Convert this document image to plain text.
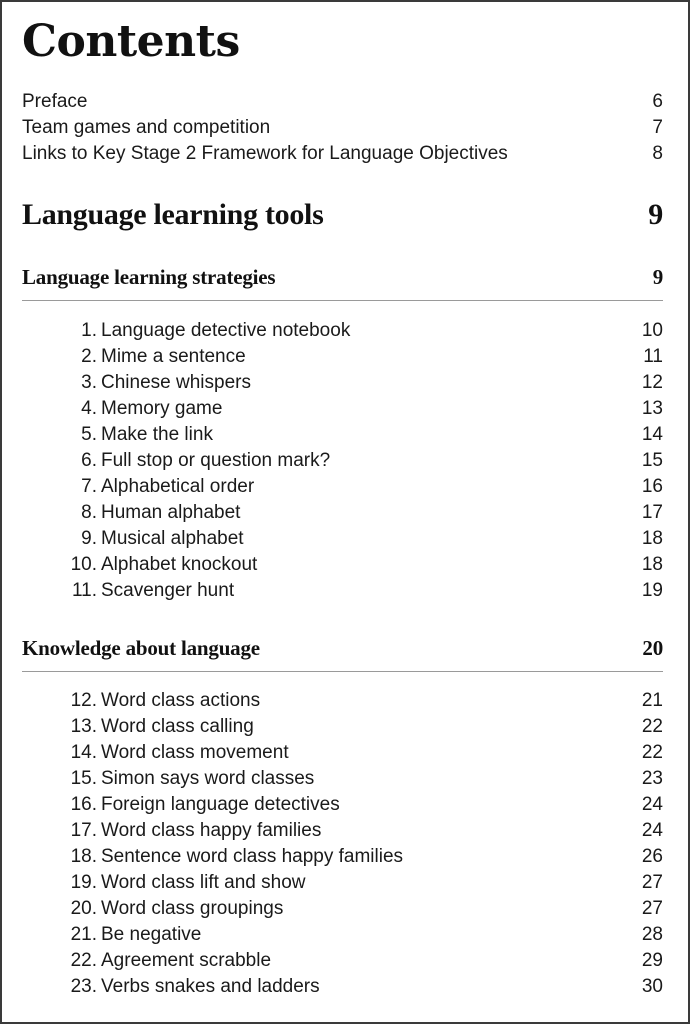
Contents
Preface	6
Team games and competition	7
Links to Key Stage 2 Framework for Language Objectives	8
Language learning tools	9
Language learning strategies	9
1. Language detective notebook	10
2. Mime a sentence	11
3. Chinese whispers	12
4. Memory game	13
5. Make the link	14
6. Full stop or question mark?	15
7. Alphabetical order	16
8. Human alphabet	17
9. Musical alphabet	18
10. Alphabet knockout	18
11. Scavenger hunt	19
Knowledge about language	20
12. Word class actions	21
13. Word class calling	22
14. Word class movement	22
15. Simon says word classes	23
16. Foreign language detectives	24
17. Word class happy families	24
18. Sentence word class happy families	26
19. Word class lift and show	27
20. Word class groupings	27
21. Be negative	28
22. Agreement scrabble	29
23. Verbs snakes and ladders	30
